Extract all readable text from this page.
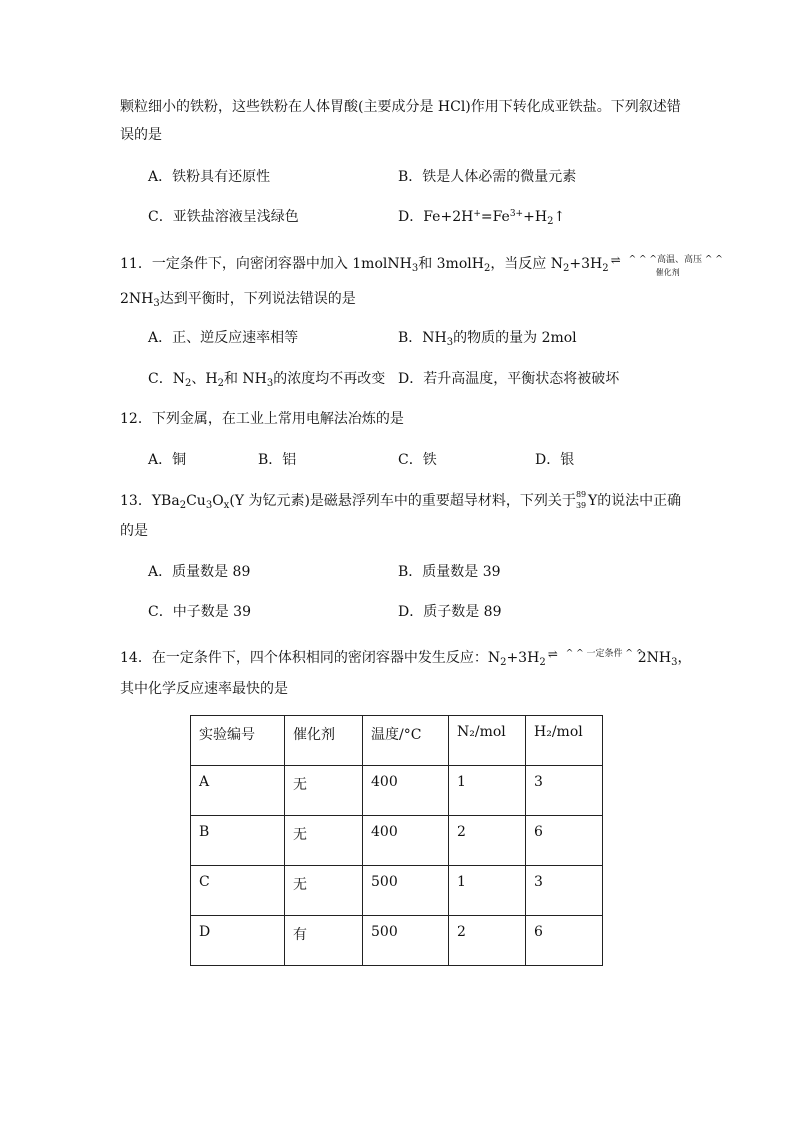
颗粒细小的铁粉，这些铁粉在人体胃酸(主要成分是 HCl)作用下转化成亚铁盐。下列叙述错
误的是
A．铁粉具有还原性	B．铁是人体必需的微量元素
C．亚铁盐溶液呈浅绿色	D．$Fe+2H^+=Fe^{3+}+H_2↑$
11．一定条件下，向密闭容器中加入 1molNH$_3$和 3molH$_2$，当反应 $N_2+3H_2$
⇌ ^ ^ ^高温、高压 ^ ^
催化剂
$2NH_3$达到平衡时，下列说法错误的是
A．正、逆反应速率相等	B．$NH_3$的物质的量为 2mol
C．$N_2$、$H_2$和 $NH_3$的浓度均不再改变 D．若升高温度，平衡状态将被破坏
12．下列金属，在工业上常用电解法冶炼的是
A．铜	B．铝	C．铁	D．银
13．$YBa_2Cu_3O_x(Y$ 为钇元素)是磁悬浮列车中的重要超导材料，下列关于 89
39 Y的说法中正确
的是
A．质量数是 89	B．质量数是 39
C．中子数是 39	D．质子数是 89
14．在一定条件下，四个体积相同的密闭容器中发生反应：$N_2+3H_2$
⇌ ^ ^ 一定条件 ^ ^
$2NH_3$，
其中化学反应速率最快的是
实验编号	催化剂	温度/°C	N₂/mol	H₂/mol
A	无	400	1	3
B	无	400	2	6
C	无	500	1	3
D	有	500	2	6
